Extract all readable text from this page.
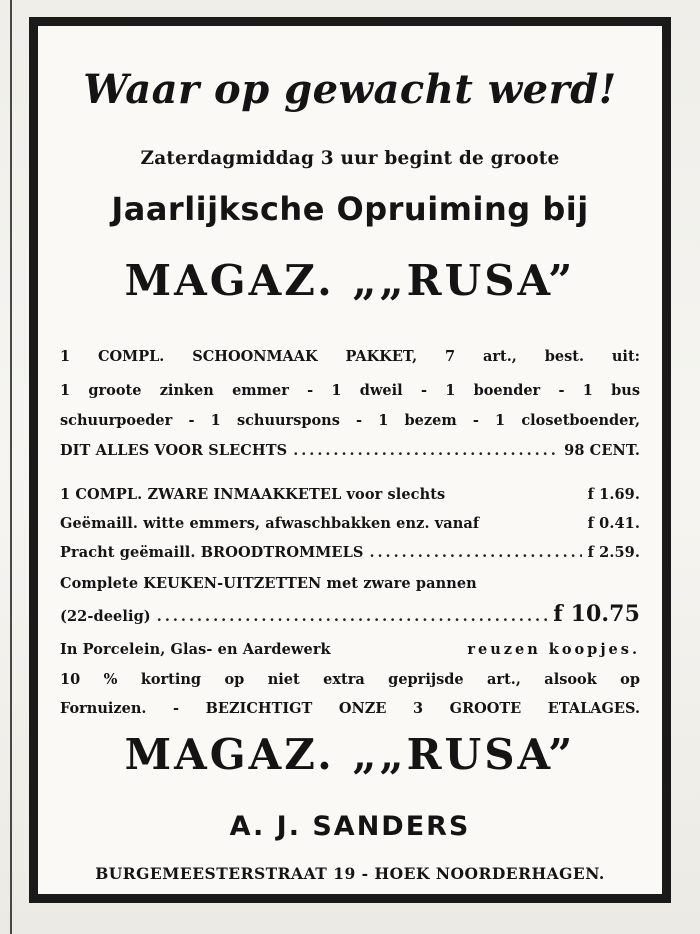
Waar op gewacht werd!
Zaterdagmiddag 3 uur begint de groote
Jaarlijksche Opruiming bij
MAGAZ. „„RUSA”
1 COMPL. SCHOONMAAK PAKKET, 7 art., best. uit:
1 groote zinken emmer - 1 dweil - 1 boender - 1 bus
schuurpoeder - 1 schuurspons - 1 bezem - 1 closetboender,
DIT ALLES VOOR SLECHTS .....	98 CENT.
1 COMPL. ZWARE INMAAKKETEL voor slechts	f 1.69.
Geëmaill. witte emmers, afwaschbakken enz. vanaf	f 0.41.
Pracht geëmaill. BROODTROMMELS .....	f 2.59.
Complete KEUKEN-UITZETTEN met zware pannen
(22-deelig) .....	f 10.75
In Porcelein, Glas- en Aardewerk	reuzen koopjes.
10 % korting op niet extra geprijsde art., alsook op
Fornuizen. - BEZICHTIGT ONZE 3 GROOTE ETALAGES.
MAGAZ. „„RUSA”
A. J. SANDERS
BURGEMEESTERSTRAAT 19 - HOEK NOORDERHAGEN.
